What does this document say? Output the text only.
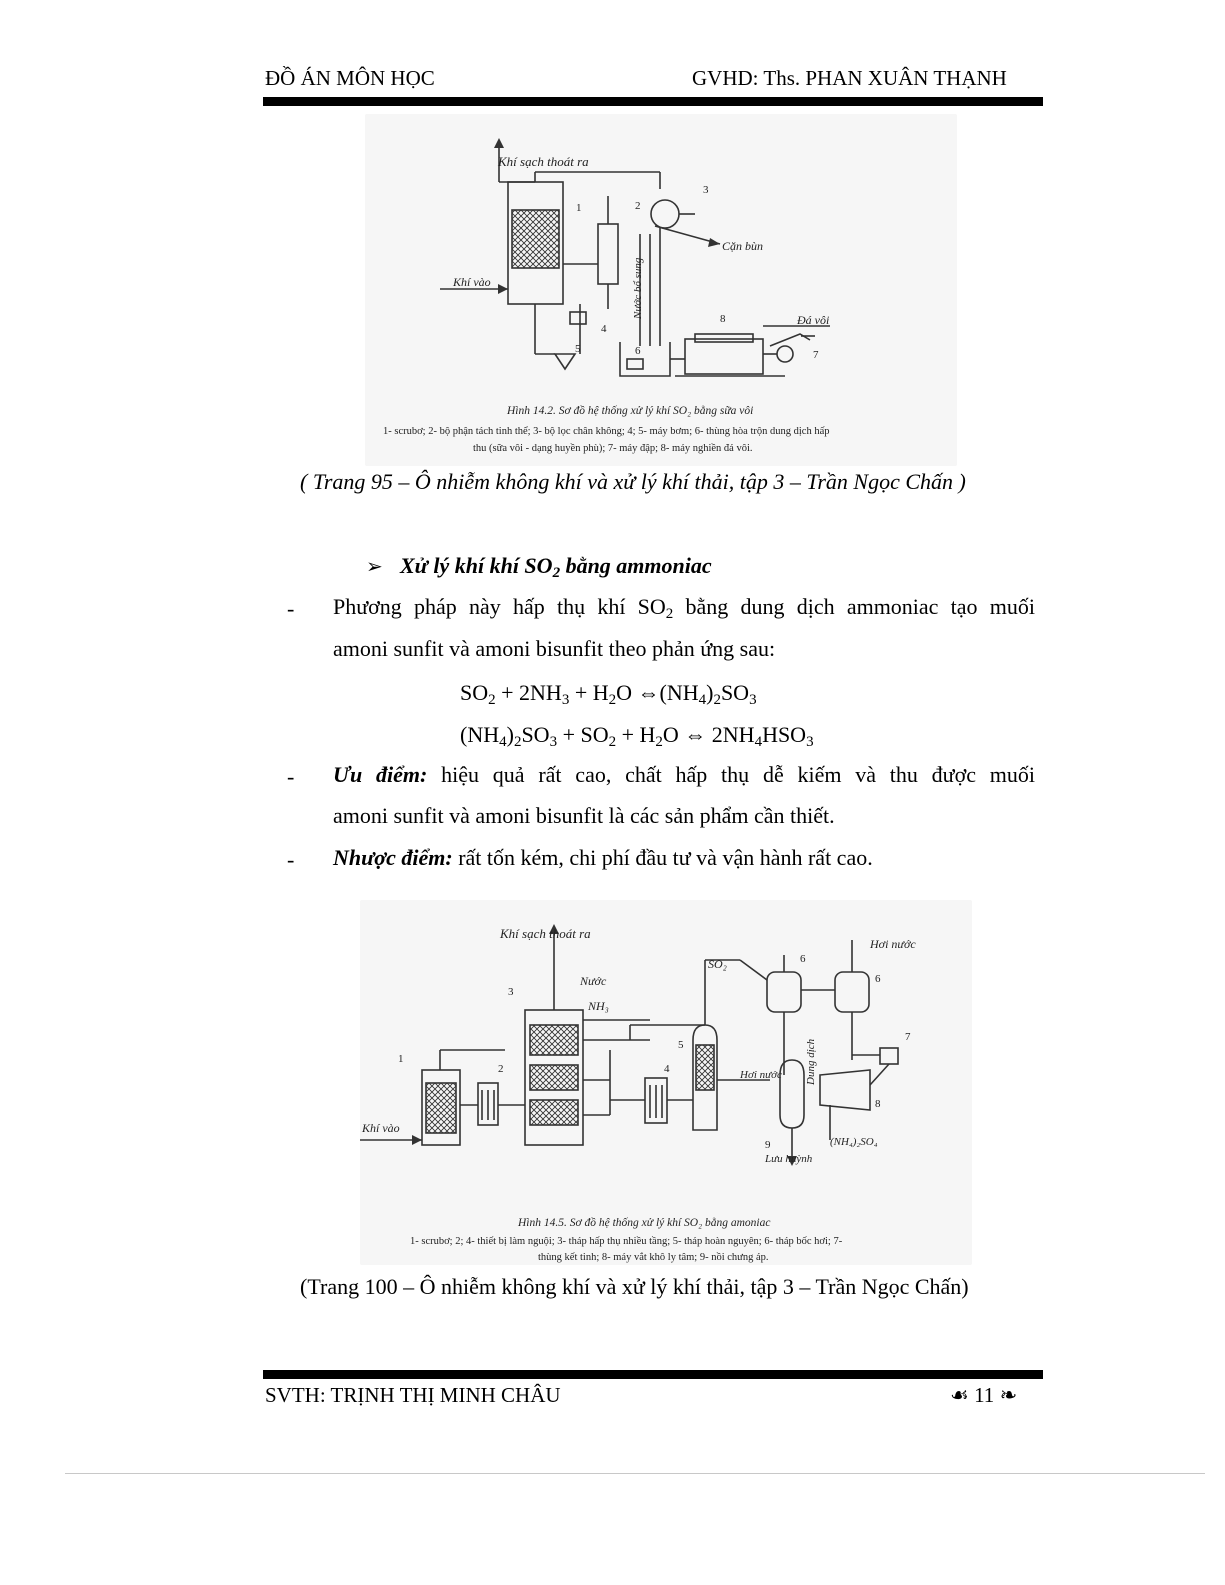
ĐỒ ÁN MÔN HỌC	GVHD: Ths. PHAN XUÂN THẠNH
Khí sạch thoát ra
Khí vào
Cặn bùn
Đá vôi
Nước bổ sung
1	2
3
4
5	6	7
8
Hình 14.2. Sơ đồ hệ thống xử lý khí SO₂ bằng sữa vôi
1- scrubơ; 2- bộ phận tách tinh thể; 3- bộ lọc chân không; 4; 5- máy bơm; 6- thùng hòa trộn dung dịch hấp
thu (sữa vôi - dạng huyền phù); 7- máy đập; 8- máy nghiền đá vôi.
( Trang 95 – Ô nhiễm không khí và xử lý khí thải, tập 3 – Trần Ngọc Chấn )
➢ Xử lý khí khí $SO_2$ bằng ammoniac
- Phương pháp này hấp thụ khí $SO_2$ bằng dung dịch ammoniac tạo muối
amoni sunfit và amoni bisunfit theo phản ứng sau:
$SO_2 + 2NH_3 + H_2O$ $\Leftrightarrow(NH_4)_2SO_3$
$(NH_4)_2SO_3 + SO_2 + H_2O$ ⇔ $2NH_4HSO_3$
- Ưu điểm: hiệu quả rất cao, chất hấp thụ dễ kiếm và thu được muối
amoni sunfit và amoni bisunfit là các sản phẩm cần thiết.
- Nhược điểm: rất tốn kém, chi phí đầu tư và vận hành rất cao.
Khí sạch thoát ra
Khí vào
Nước
NH₃
SO₂
Hơi nước
Hơi nước Dung dịch
(NH₄)₂SO₄
Lưu huỳnh
1
2
3
4
5
6
6
7
8
9
Hình 14.5. Sơ đồ hệ thống xử lý khí SO₂ bằng amoniac
1- scrubơ; 2; 4- thiết bị làm nguội; 3- tháp hấp thụ nhiều tầng; 5- tháp hoàn nguyên; 6- tháp bốc hơi; 7-
thùng kết tinh; 8- máy vắt khô ly tâm; 9- nồi chưng áp.
(Trang 100 – Ô nhiễm không khí và xử lý khí thải, tập 3 – Trần Ngọc Chấn)
SVTH: TRỊNH THỊ MINH CHÂU	☙ 11 ❧
